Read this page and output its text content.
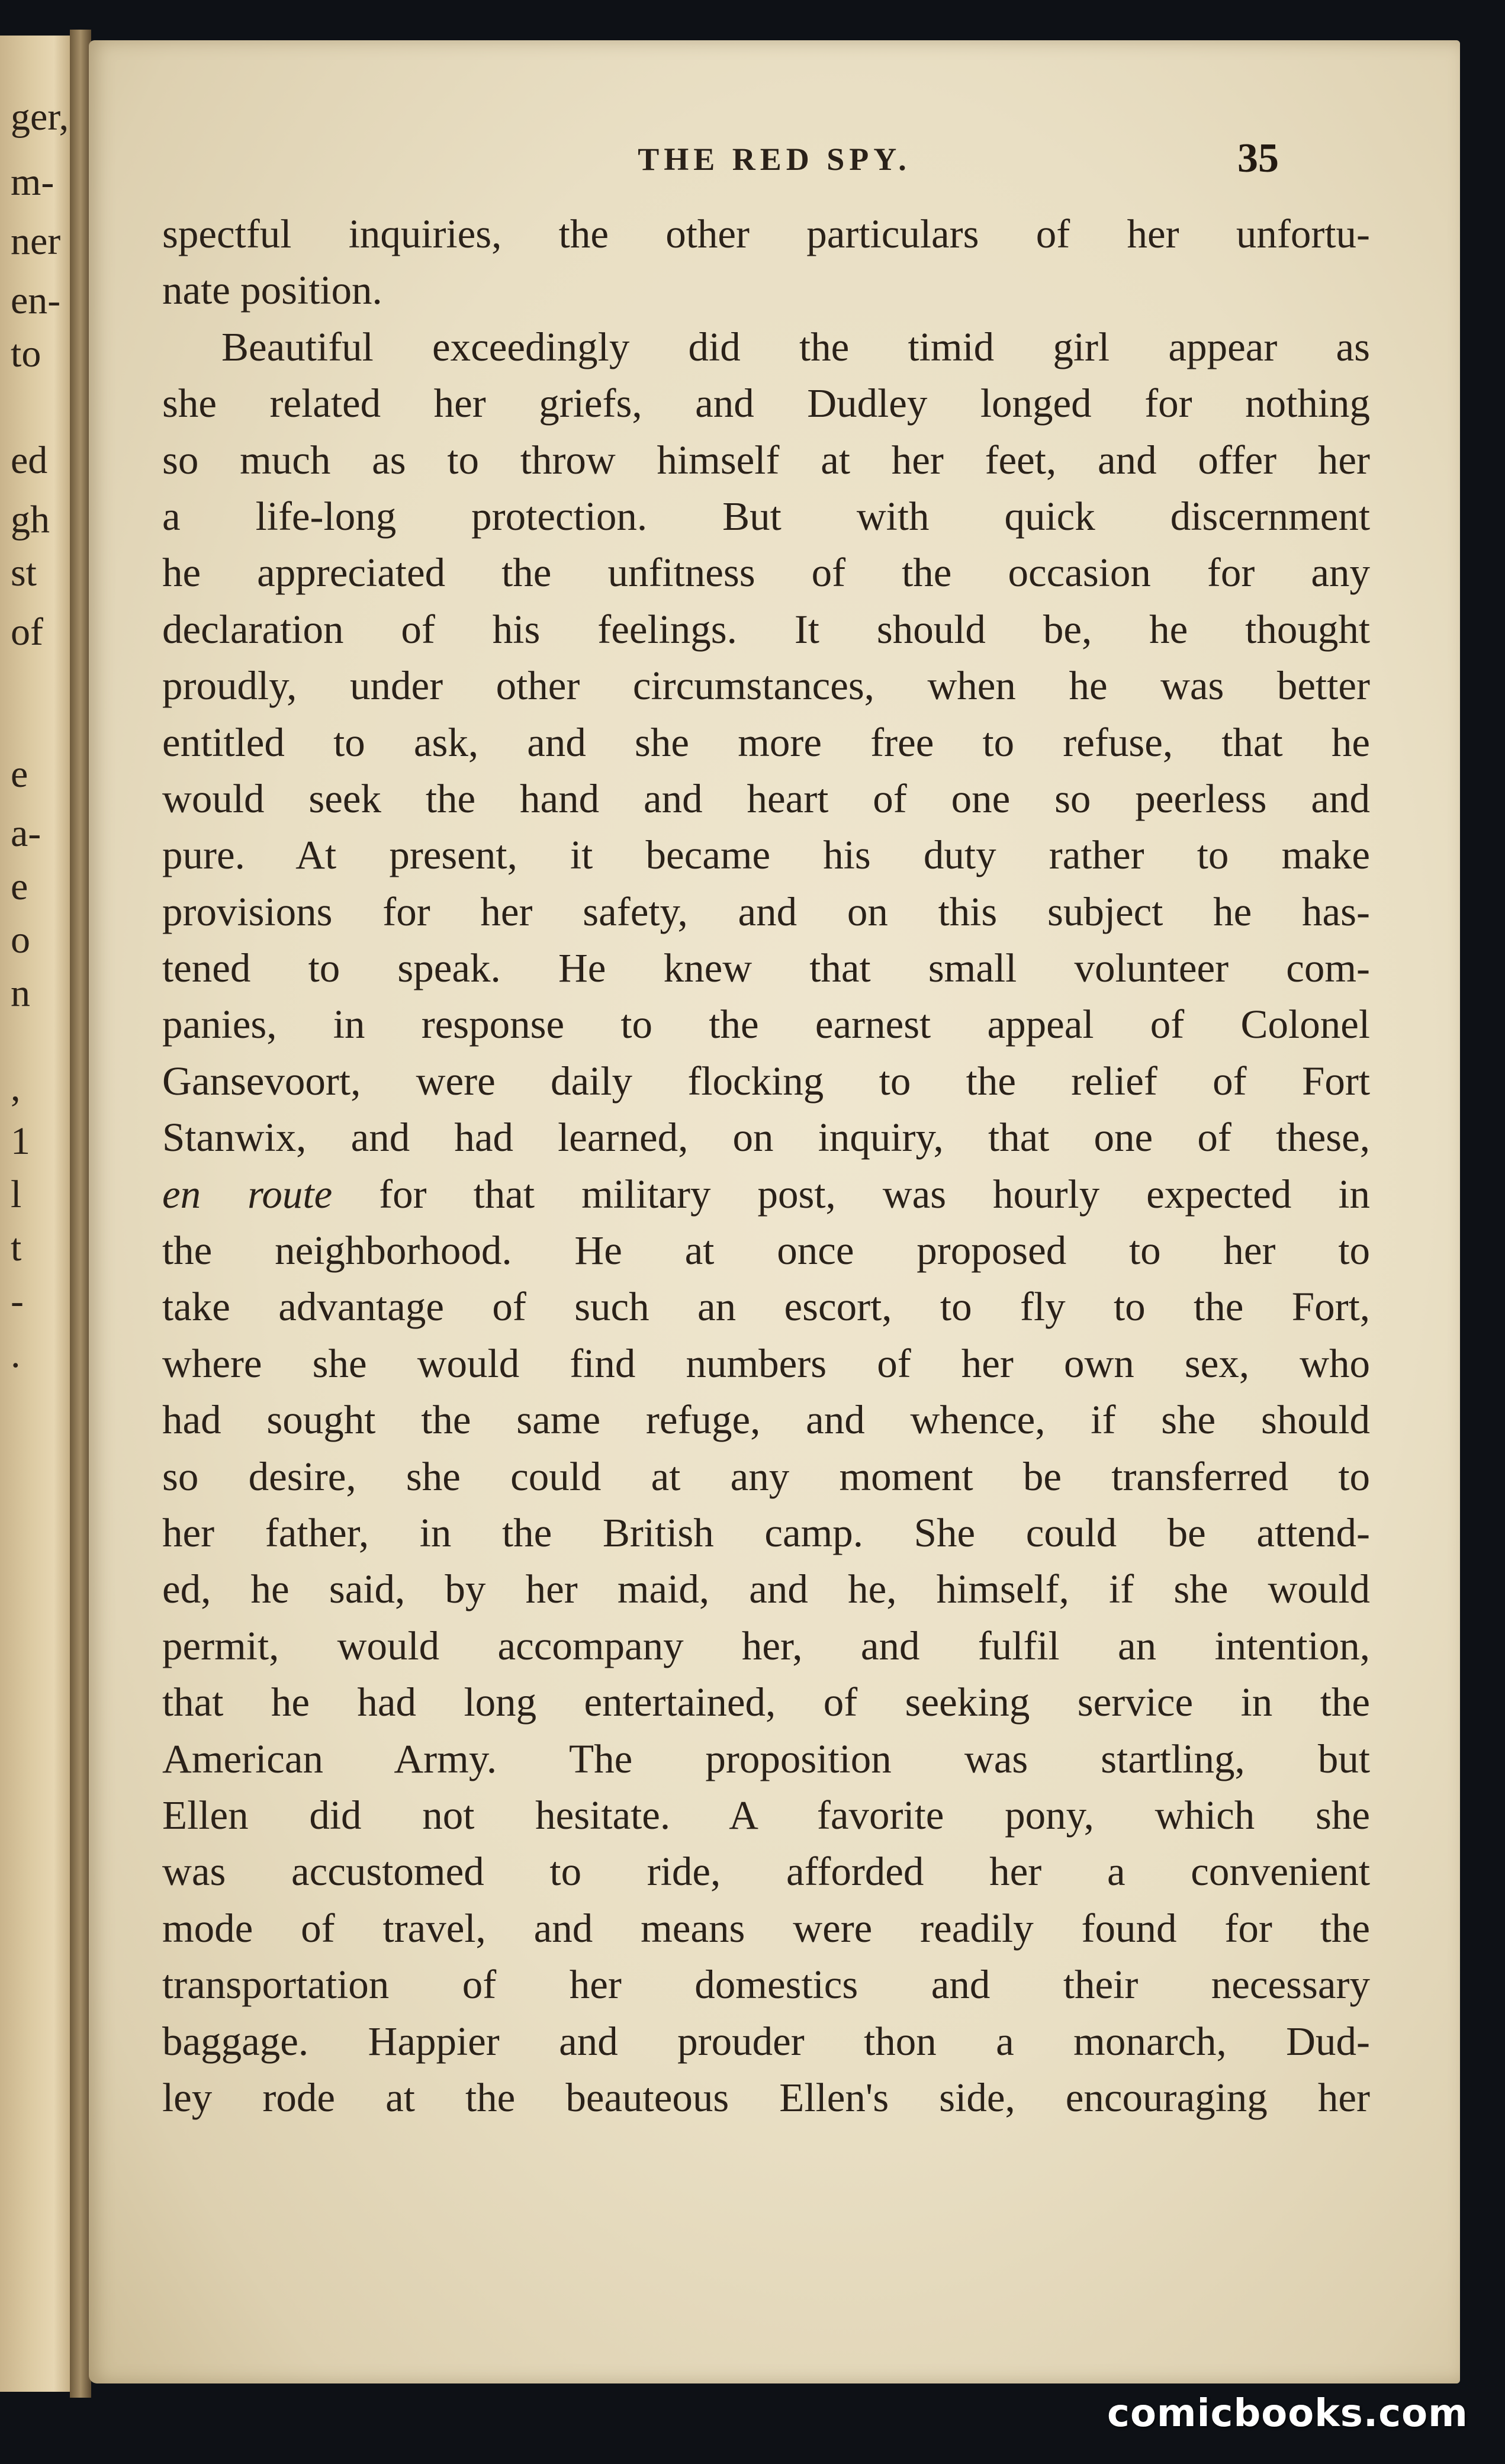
ger,
m-
ner
en-
to
ed
gh
st
of
e
a-
e
o
n
,
1
l
t
-
.
THE RED SPY.	35
spectful inquiries, the other particulars of her unfortu-
nate position.
Beautiful exceedingly did the timid girl appear as
she related her griefs, and Dudley longed for nothing
so much as to throw himself at her feet, and offer her
a life-long protection. But with quick discernment
he appreciated the unfitness of the occasion for any
declaration of his feelings. It should be, he thought
proudly, under other circumstances, when he was better
entitled to ask, and she more free to refuse, that he
would seek the hand and heart of one so peerless and
pure. At present, it became his duty rather to make
provisions for her safety, and on this subject he has-
tened to speak. He knew that small volunteer com-
panies, in response to the earnest appeal of Colonel
Gansevoort, were daily flocking to the relief of Fort
Stanwix, and had learned, on inquiry, that one of these,
en route for that military post, was hourly expected in
the neighborhood. He at once proposed to her to
take advantage of such an escort, to fly to the Fort,
where she would find numbers of her own sex, who
had sought the same refuge, and whence, if she should
so desire, she could at any moment be transferred to
her father, in the British camp. She could be attend-
ed, he said, by her maid, and he, himself, if she would
permit, would accompany her, and fulfil an intention,
that he had long entertained, of seeking service in the
American Army. The proposition was startling, but
Ellen did not hesitate. A favorite pony, which she
was accustomed to ride, afforded her a convenient
mode of travel, and means were readily found for the
transportation of her domestics and their necessary
baggage. Happier and prouder thon a monarch, Dud-
ley rode at the beauteous Ellen's side, encouraging her
comicbooks.com
